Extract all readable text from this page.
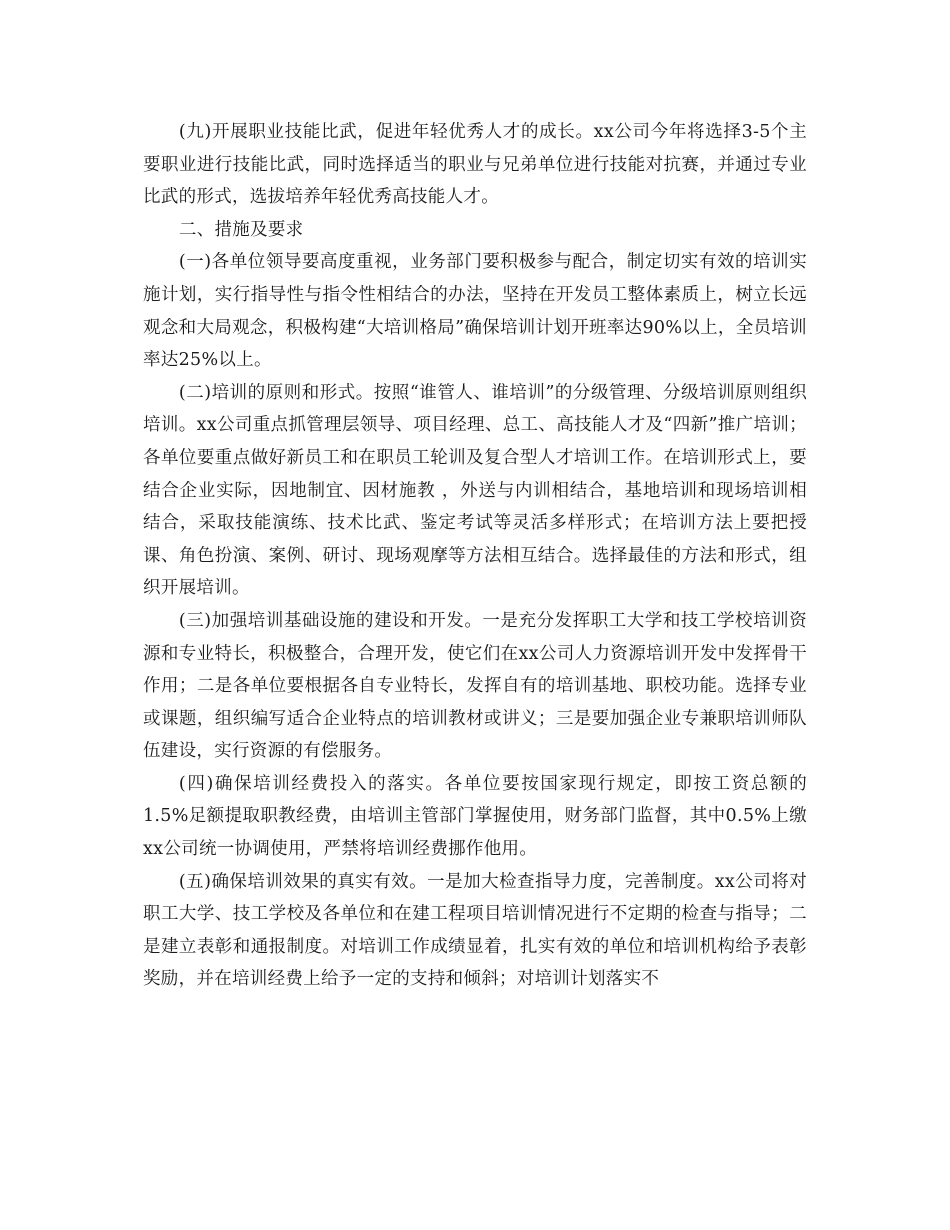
(九)开展职业技能比武，促进年轻优秀人才的成长。xx公司今年将选择3-5个主要职业进行技能比武，同时选择适当的职业与兄弟单位进行技能对抗赛，并通过专业比武的形式，选拔培养年轻优秀高技能人才。

二、措施及要求

(一)各单位领导要高度重视，业务部门要积极参与配合，制定切实有效的培训实施计划，实行指导性与指令性相结合的办法，坚持在开发员工整体素质上，树立长远观念和大局观念，积极构建“大培训格局”确保培训计划开班率达90%以上，全员培训率达25%以上。

(二)培训的原则和形式。按照“谁管人、谁培训”的分级管理、分级培训原则组织培训。xx公司重点抓管理层领导、项目经理、总工、高技能人才及“四新”推广培训；各单位要重点做好新员工和在职员工轮训及复合型人才培训工作。在培训形式上，要结合企业实际，因地制宜、因材施教 ，外送与内训相结合，基地培训和现场培训相结合，采取技能演练、技术比武、鉴定考试等灵活多样形式；在培训方法上要把授课、角色扮演、案例、研讨、现场观摩等方法相互结合。选择最佳的方法和形式，组织开展培训。

(三)加强培训基础设施的建设和开发。一是充分发挥职工大学和技工学校培训资源和专业特长，积极整合，合理开发，使它们在xx公司人力资源培训开发中发挥骨干作用；二是各单位要根据各自专业特长，发挥自有的培训基地、职校功能。选择专业或课题，组织编写适合企业特点的培训教材或讲义；三是要加强企业专兼职培训师队伍建设，实行资源的有偿服务。

(四)确保培训经费投入的落实。各单位要按国家现行规定，即按工资总额的1.5%足额提取职教经费，由培训主管部门掌握使用，财务部门监督，其中0.5%上缴xx公司统一协调使用，严禁将培训经费挪作他用。

(五)确保培训效果的真实有效。一是加大检查指导力度，完善制度。xx公司将对职工大学、技工学校及各单位和在建工程项目培训情况进行不定期的检查与指导；二是建立表彰和通报制度。对培训工作成绩显着，扎实有效的单位和培训机构给予表彰奖励，并在培训经费上给予一定的支持和倾斜；对培训计划落实不
